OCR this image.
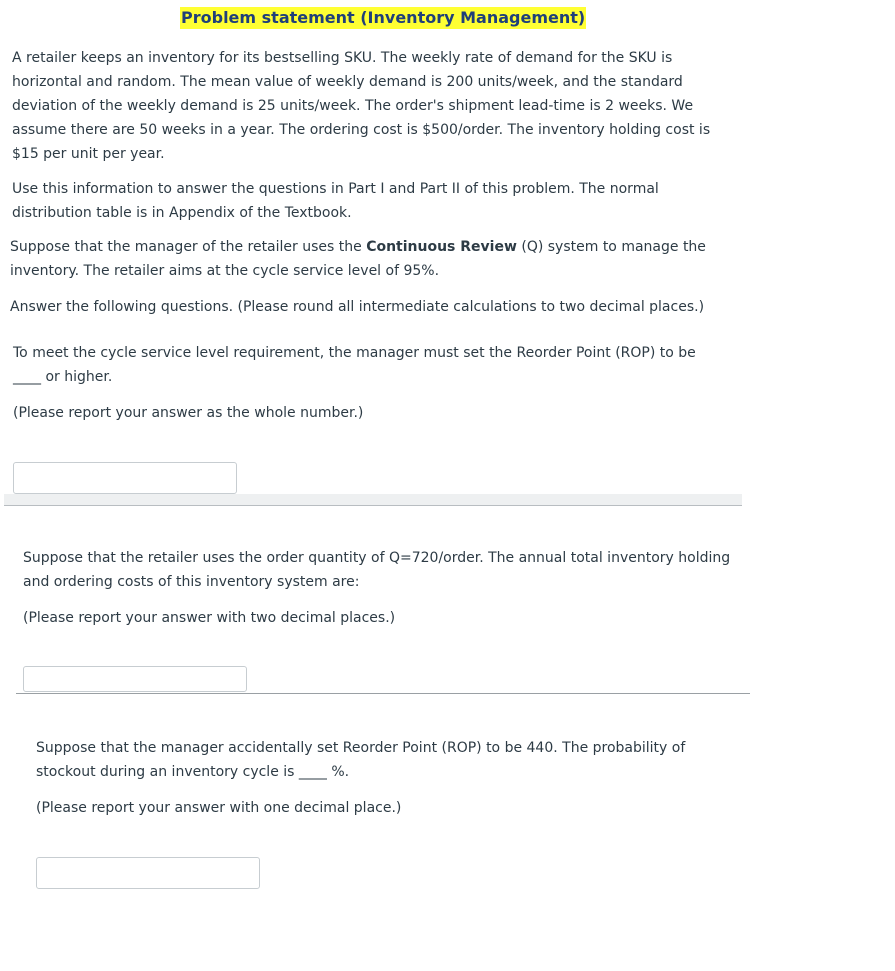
Problem statement (Inventory Management)

A retailer keeps an inventory for its bestselling SKU. The weekly rate of demand for the SKU is
horizontal and random. The mean value of weekly demand is 200 units/week, and the standard
deviation of the weekly demand is 25 units/week. The order's shipment lead-time is 2 weeks. We
assume there are 50 weeks in a year. The ordering cost is $500/order. The inventory holding cost is
$15 per unit per year.

Use this information to answer the questions in Part I and Part II of this problem. The normal
distribution table is in Appendix of the Textbook.

Suppose that the manager of the retailer uses the Continuous Review (Q) system to manage the
inventory. The retailer aims at the cycle service level of 95%.

Answer the following questions. (Please round all intermediate calculations to two decimal places.)

To meet the cycle service level requirement, the manager must set the Reorder Point (ROP) to be
____ or higher.

(Please report your answer as the whole number.)

Suppose that the retailer uses the order quantity of Q=720/order. The annual total inventory holding
and ordering costs of this inventory system are:

(Please report your answer with two decimal places.)

Suppose that the manager accidentally set Reorder Point (ROP) to be 440. The probability of
stockout during an inventory cycle is ____ %.

(Please report your answer with one decimal place.)
